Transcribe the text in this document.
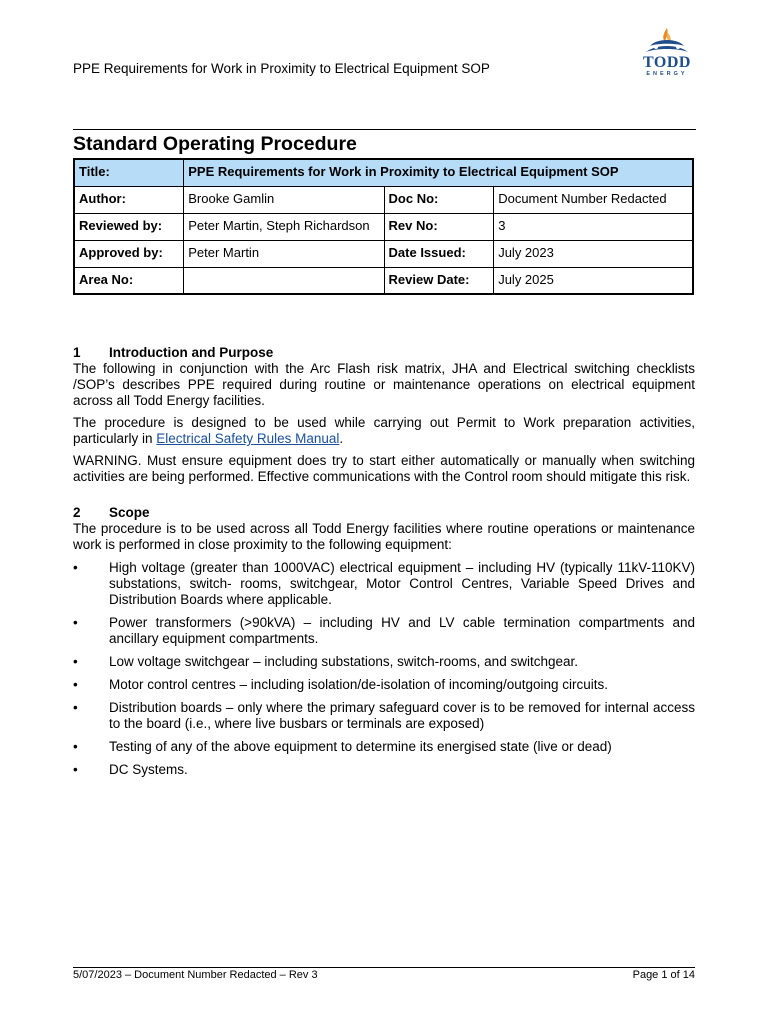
PPE Requirements for Work in Proximity to Electrical Equipment SOP	TODD
ENERGY
Standard Operating Procedure
Title:	PPE Requirements for Work in Proximity to Electrical Equipment SOP		
Author:	Brooke Gamlin	Doc No:	Document Number Redacted
Reviewed by:	Peter Martin, Steph Richardson	Rev No:	3
Approved by:	Peter Martin	Date Issued:	July 2023
Area No:		Review Date:	July 2025
1 Introduction and Purpose

The following in conjunction with the Arc Flash risk matrix, JHA and Electrical switching checklists /SOP’s describes PPE required during routine or maintenance operations on electrical equipment across all Todd Energy facilities.

The procedure is designed to be used while carrying out Permit to Work preparation activities, particularly in Electrical Safety Rules Manual.

WARNING. Must ensure equipment does try to start either automatically or manually when switching activities are being performed. Effective communications with the Control room should mitigate this risk.

2 Scope

The procedure is to be used across all Todd Energy facilities where routine operations or maintenance work is performed in close proximity to the following equipment:

• High voltage (greater than 1000VAC) electrical equipment – including HV (typically 11kV-110KV) substations, switch- rooms, switchgear, Motor Control Centres, Variable Speed Drives and Distribution Boards where applicable.
• Power transformers (>90kVA) – including HV and LV cable termination compartments and ancillary equipment compartments.
• Low voltage switchgear – including substations, switch-rooms, and switchgear.
• Motor control centres – including isolation/de-isolation of incoming/outgoing circuits.
• Distribution boards – only where the primary safeguard cover is to be removed for internal access to the board (i.e., where live busbars or terminals are exposed)
• Testing of any of the above equipment to determine its energised state (live or dead)
• DC Systems.
5/07/2023 – Document Number Redacted – Rev 3	Page 1 of 14
